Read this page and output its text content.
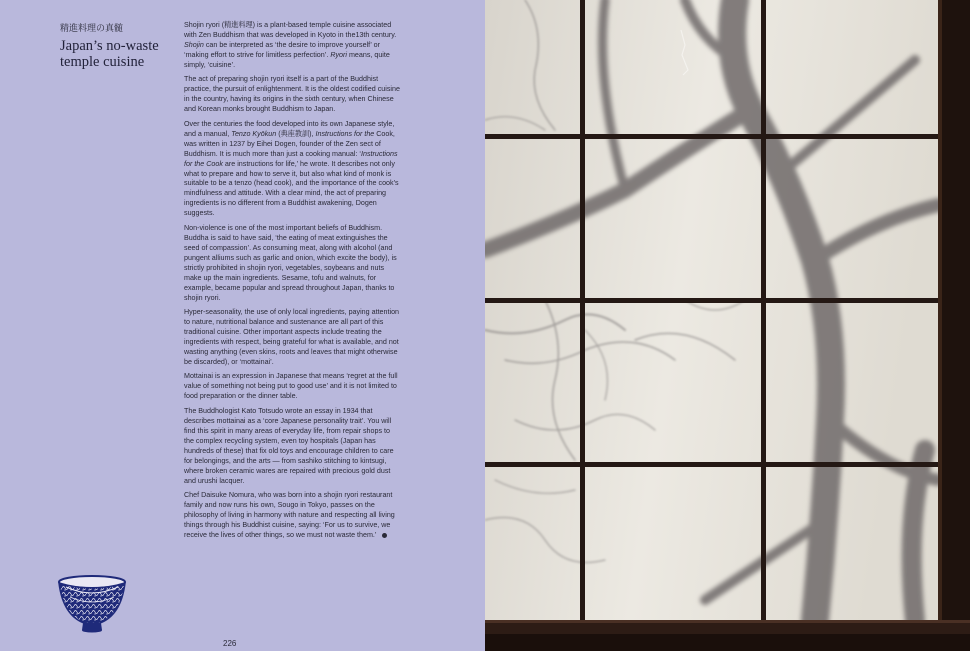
精進料理の真髄
Japan’s no-waste temple cuisine

Shojin ryori (精進料理) is a plant-based temple cuisine associated with Zen Buddhism that was developed in Kyoto in the13th century. Shojin can be interpreted as ‘the desire to improve yourself’ or ‘making effort to strive for limitless perfection’. Ryori means, quite simply, ‘cuisine’.

The act of preparing shojin ryori itself is a part of the Buddhist practice, the pursuit of enlightenment. It is the oldest codified cuisine in the country, having its origins in the sixth century, when Chinese and Korean monks brought Buddhism to Japan.

Over the centuries the food developed into its own Japanese style, and a manual, Tenzo Kyōkun (典座教訓), Instructions for the Cook, was written in 1237 by Eihei Dogen, founder of the Zen sect of Buddhism. It is much more than just a cooking manual: ‘Instructions for the Cook are instructions for life,’ he wrote. It describes not only what to prepare and how to serve it, but also what kind of monk is suitable to be a tenzo (head cook), and the importance of the cook’s mindfulness and attitude. With a clear mind, the act of preparing ingredients is no different from a Buddhist awakening, Dogen suggests.

Non-violence is one of the most important beliefs of Buddhism. Buddha is said to have said, ‘the eating of meat extinguishes the seed of compassion’. As consuming meat, along with alcohol (and pungent alliums such as garlic and onion, which excite the body), is strictly prohibited in shojin ryori, vegetables, soybeans and nuts make up the main ingredients. Sesame, tofu and walnuts, for example, became popular and spread throughout Japan, thanks to shojin ryori.

Hyper-seasonality, the use of only local ingredients, paying attention to nature, nutritional balance and sustenance are all part of this traditional cuisine. Other important aspects include treating the ingredients with respect, being grateful for what is available, and not wasting anything (even skins, roots and leaves that might otherwise be discarded), or ‘mottainai’.

Mottainai is an expression in Japanese that means ‘regret at the full value of something not being put to good use’ and it is not limited to food preparation or the dinner table.

The Buddhologist Kato Totsudo wrote an essay in 1934 that describes mottainai as a ‘core Japanese personality trait’. You will find this spirit in many areas of everyday life, from repair shops to the complex recycling system, even toy hospitals (Japan has hundreds of these) that fix old toys and encourage children to care for belongings, and the arts — from sashiko stitching to kintsugi, where broken ceramic wares are repaired with precious gold dust and urushi lacquer.

Chef Daisuke Nomura, who was born into a shojin ryori restaurant family and now runs his own, Sougo in Tokyo, passes on the philosophy of living in harmony with nature and respecting all living things through his Buddhist cuisine, saying: ‘For us to survive, we receive the lives of other things, so we must not waste them.’

226
